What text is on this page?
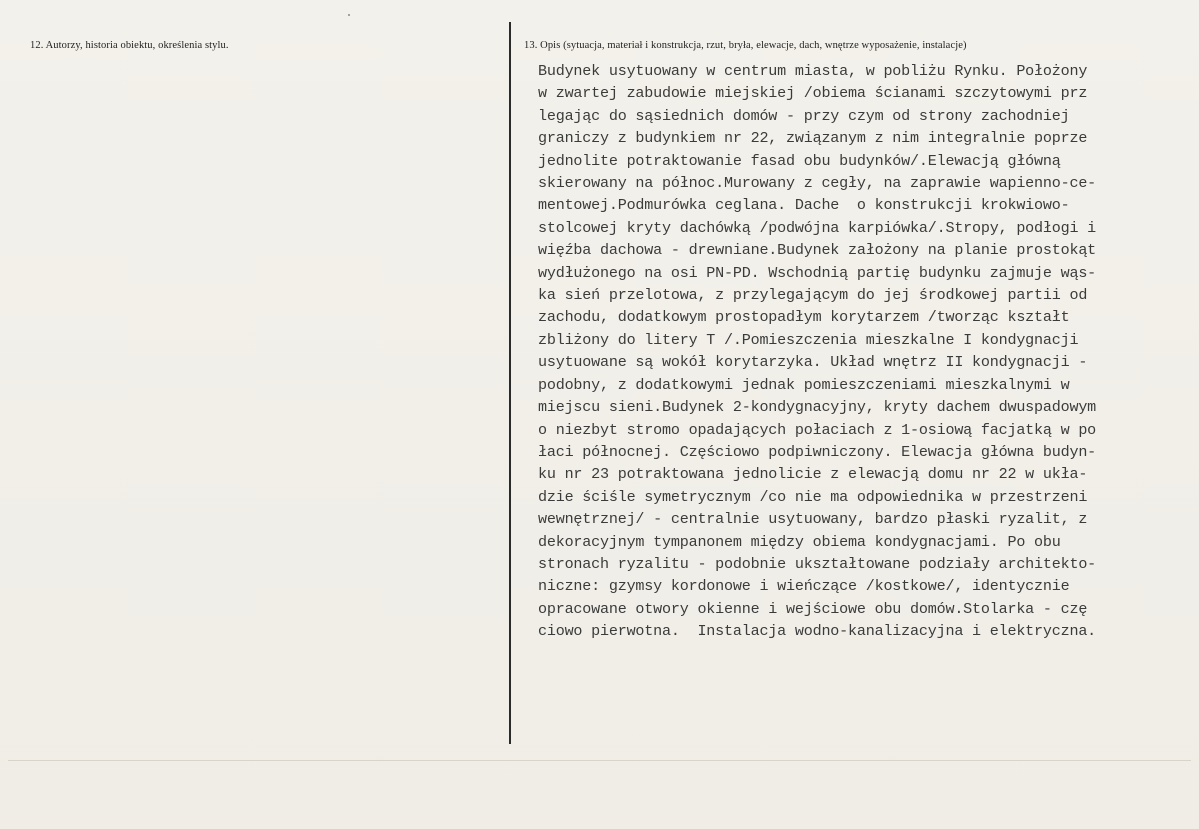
12. Autorzy, historia obiektu, określenia stylu.	13. Opis (sytuacja, materiał i konstrukcja, rzut, bryła, elewacje, dach, wnętrze wyposażenie, instalacje)
Budynek usytuowany w centrum miasta, w pobliżu Rynku. Położony
w zwartej zabudowie miejskiej /obiema ścianami szczytowymi prz
legając do sąsiednich domów - przy czym od strony zachodniej
graniczy z budynkiem nr 22, związanym z nim integralnie poprze
jednolite potraktowanie fasad obu budynków/.Elewacją główną
skierowany na północ.Murowany z cegły, na zaprawie wapienno-ce-
mentowej.Podmurówka ceglana. Dache  o konstrukcji krokwiowo-
stolcowej kryty dachówką /podwójna karpiówka/.Stropy, podłogi i
więźba dachowa - drewniane.Budynek założony na planie prostokąt
wydłużonego na osi PN-PD. Wschodnią partię budynku zajmuje wąs-
ka sień przelotowa, z przylegającym do jej środkowej partii od
zachodu, dodatkowym prostopadłym korytarzem /tworząc kształt
zbliżony do litery T /.Pomieszczenia mieszkalne I kondygnacji
usytuowane są wokół korytarzyka. Układ wnętrz II kondygnacji -
podobny, z dodatkowymi jednak pomieszczeniami mieszkalnymi w
miejscu sieni.Budynek 2-kondygnacyjny, kryty dachem dwuspadowym
o niezbyt stromo opadających połaciach z 1-osiową facjatką w po
łaci północnej. Częściowo podpiwniczony. Elewacja główna budyn-
ku nr 23 potraktowana jednolicie z elewacją domu nr 22 w ukła-
dzie ściśle symetrycznym /co nie ma odpowiednika w przestrzeni
wewnętrznej/ - centralnie usytuowany, bardzo płaski ryzalit, z
dekoracyjnym tympanonem między obiema kondygnacjami. Po obu
stronach ryzalitu - podobnie ukształtowane podziały architekto-
niczne: gzymsy kordonowe i wieńczące /kostkowe/, identycznie
opracowane otwory okienne i wejściowe obu domów.Stolarka - czę
ciowo pierwotna.  Instalacja wodno-kanalizacyjna i elektryczna.
